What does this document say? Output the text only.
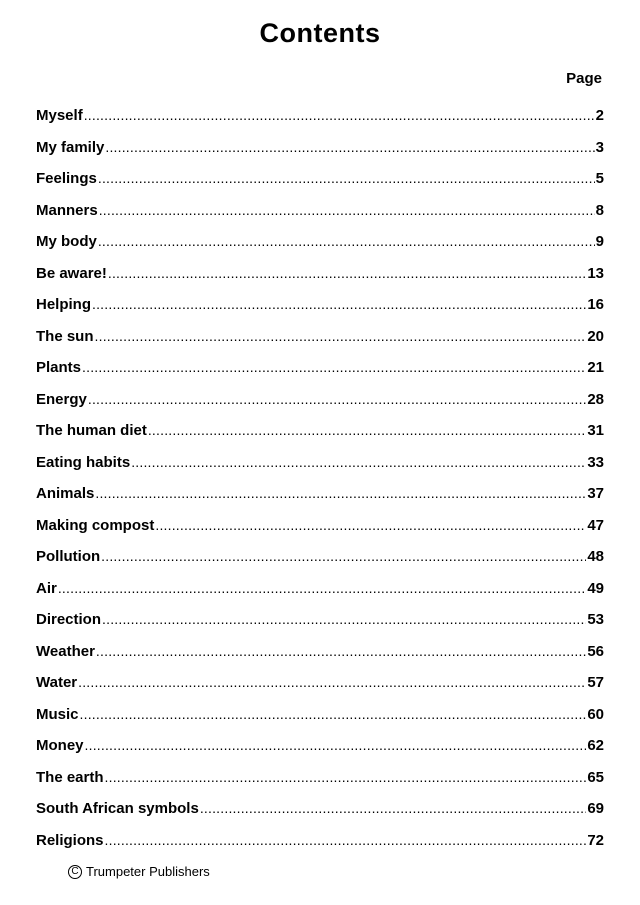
Contents
Page
Myself .....	2
My family .....	3
Feelings .....	5
Manners .....	8
My body .....	9
Be aware! .....	13
Helping .....	16
The sun .....	20
Plants .....	21
Energy .....	28
The human diet .....	31
Eating habits .....	33
Animals .....	37
Making compost .....	47
Pollution .....	48
Air .....	49
Direction .....	53
Weather .....	56
Water .....	57
Music .....	60
Money .....	62
The earth .....	65
South African symbols .....	69
Religions .....	72
C Trumpeter Publishers
